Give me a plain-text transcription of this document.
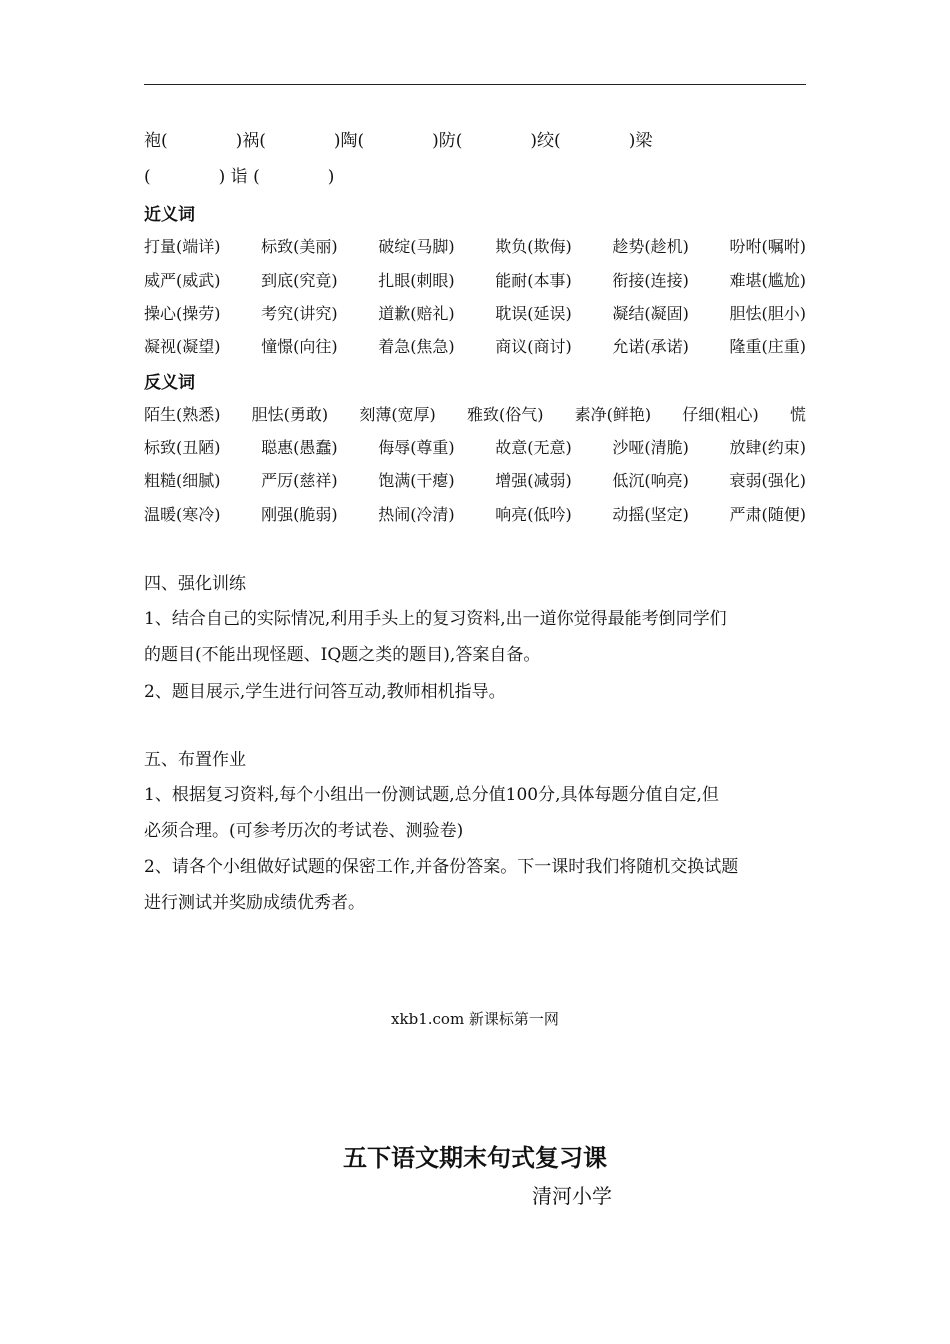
袍(　　　　)祸(　　　　)陶(　　　　)防(　　　　)绞(　　　　)梁
(　　　　) 诣 (　　　　)
近义词
打量(端详)	标致(美丽)	破绽(马脚)	欺负(欺侮)	趁势(趁机)	吩咐(嘱咐)
威严(威武)	到底(究竟)	扎眼(刺眼)	能耐(本事)	衔接(连接)	难堪(尴尬)
操心(操劳)	考究(讲究)	道歉(赔礼)	耽误(延误)	凝结(凝固)	胆怯(胆小)
凝视(凝望)	憧憬(向往)	着急(焦急)	商议(商讨)	允诺(承诺)	隆重(庄重)
反义词
陌生(熟悉) 胆怯(勇敢) 刻薄(宽厚) 雅致(俗气) 素净(鲜艳) 仔细(粗心) 慌
标致(丑陋)	聪惠(愚蠢)	侮辱(尊重)	故意(无意)	沙哑(清脆)	放肆(约束)
粗糙(细腻)	严厉(慈祥)	饱满(干瘪)	增强(减弱)	低沉(响亮)	衰弱(强化)
温暖(寒冷)	刚强(脆弱)	热闹(冷清)	响亮(低吟)	动摇(坚定)	严肃(随便)
四、强化训练
1、结合自己的实际情况,利用手头上的复习资料,出一道你觉得最能考倒同学们
的题目(不能出现怪题、IQ题之类的题目),答案自备。
2、题目展示,学生进行问答互动,教师相机指导。
五、布置作业
1、根据复习资料,每个小组出一份测试题,总分值100分,具体每题分值自定,但
必须合理。(可参考历次的考试卷、测验卷)
2、请各个小组做好试题的保密工作,并备份答案。下一课时我们将随机交换试题
进行测试并奖励成绩优秀者。
xkb1.com 新课标第一网
五下语文期末句式复习课
清河小学
